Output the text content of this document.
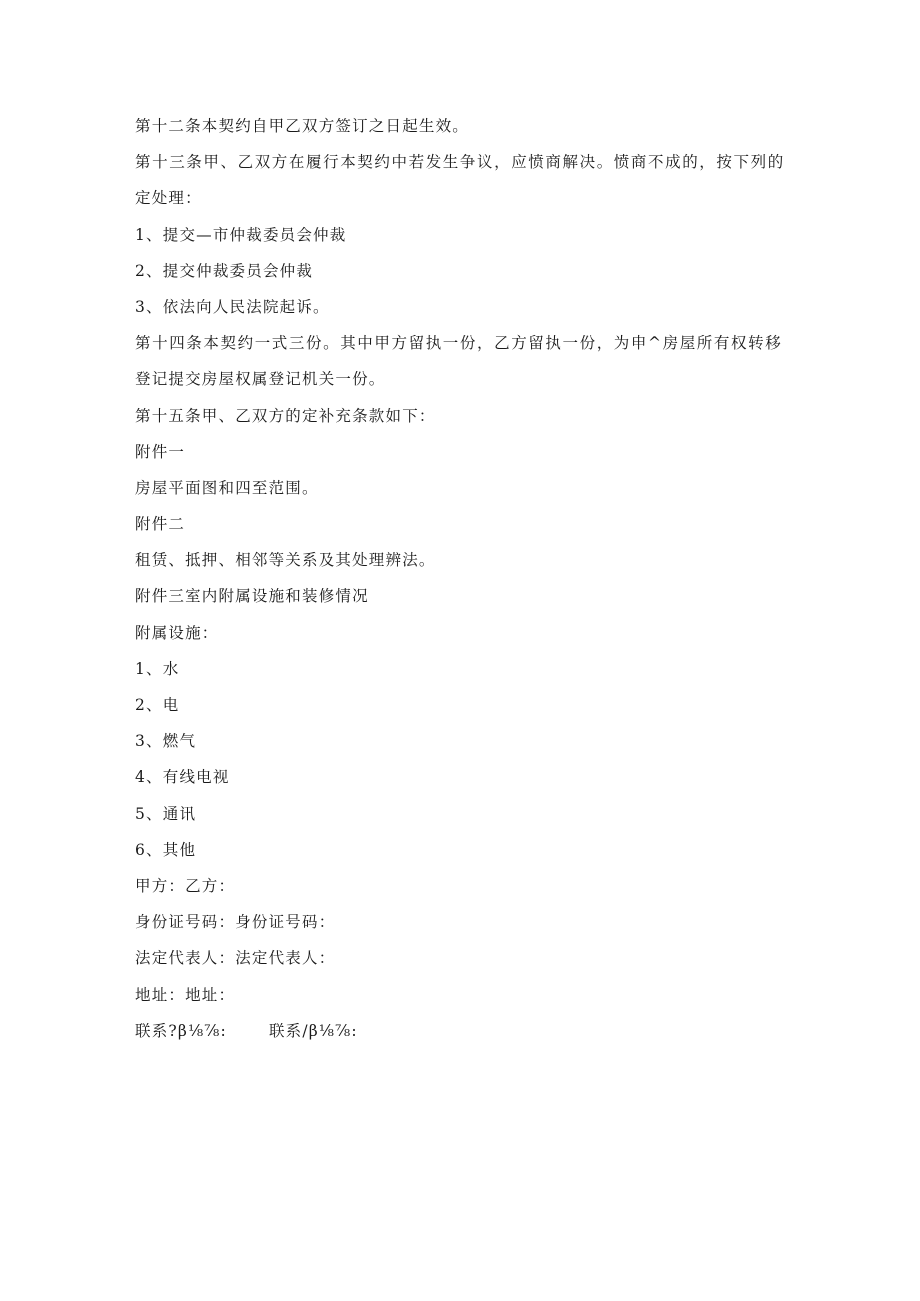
第十二条本契约自甲乙双方签订之日起生效。
第十三条甲、乙双方在履行本契约中若发生争议，应愤商解决。愤商不成的，按下列的
定处理：
1、提交—市仲裁委员会仲裁
2、提交仲裁委员会仲裁
3、依法向人民法院起诉。
第十四条本契约一式三份。其中甲方留执一份，乙方留执一份，为申^房屋所有权转移
登记提交房屋权属登记机关一份。
第十五条甲、乙双方的定补充条款如下：
附件一
房屋平面图和四至范围。
附件二
租赁、抵押、相邻等关系及其处理辨法。
附件三室内附属设施和装修情况
附属设施：
1、水
2、电
3、燃气
4、有线电视
5、通讯
6、其他
甲方：乙方：
身份证号码：身份证号码：
法定代表人：法定代表人：
地址：地址：
联系?β⅛⅞:	联系/β⅛⅞:
